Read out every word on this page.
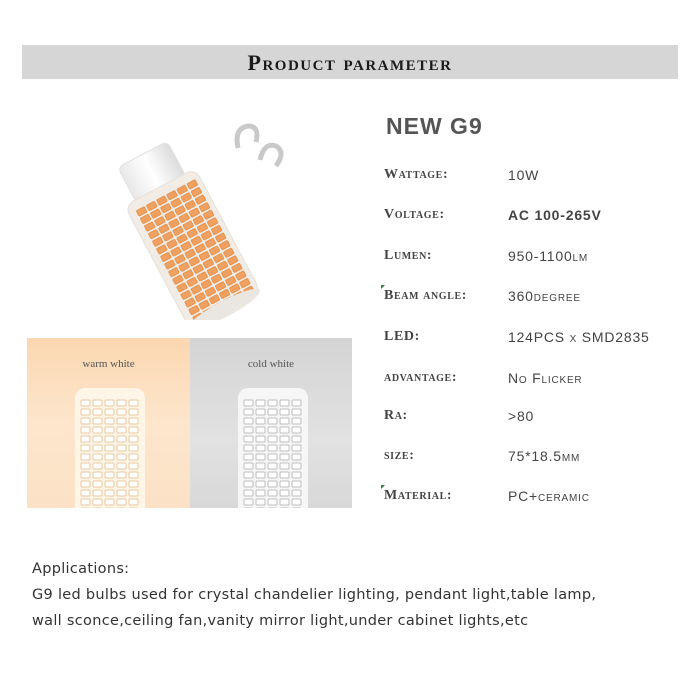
Product parameter
warm white	cold white
NEW G9
Wattage:	10W
Voltage:	AC 100-265V
Lumen:	950-1100lm
Beam angle:	360degree
LED:	124PCS x SMD2835
advantage:	No Flicker
Ra:	>80
size:	75*18.5mm
Material:	PC+ceramic
Applications:
G9 led bulbs used for crystal chandelier lighting, pendant light,table lamp,
wall sconce,ceiling fan,vanity mirror light,under cabinet lights,etc
